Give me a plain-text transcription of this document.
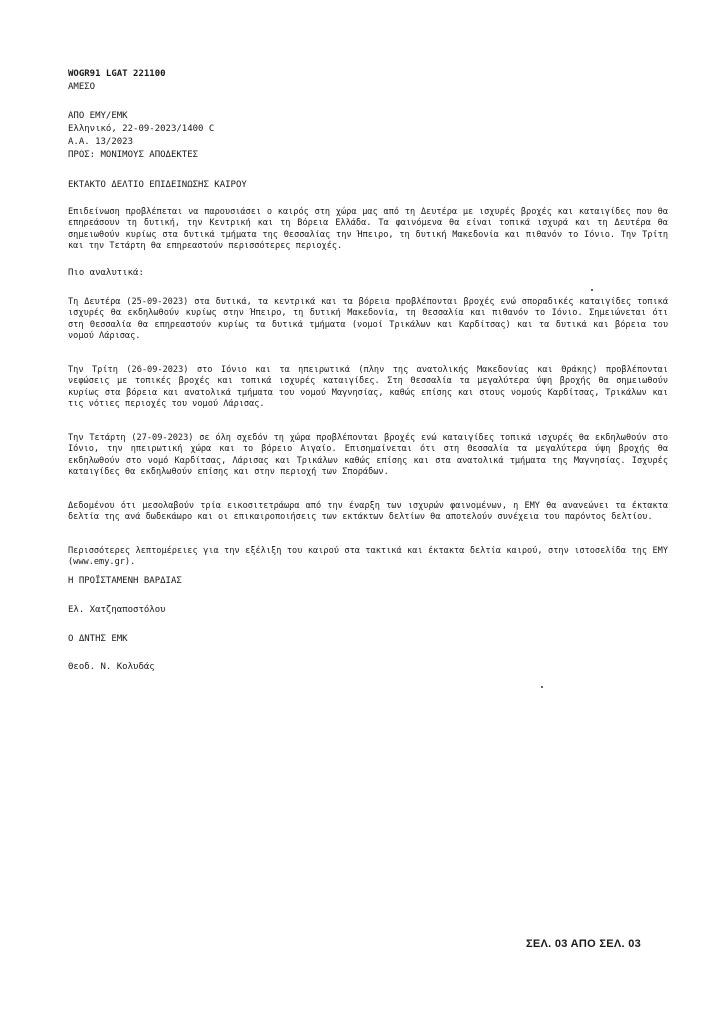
WOGR91 LGAT 221100
ΑΜΕΣΟ
ΑΠΟ ΕΜΥ/ΕΜΚ
Ελληνικό, 22-09-2023/1400 C
Α.Α. 13/2023
ΠΡΟΣ: ΜΟΝΙΜΟΥΣ ΑΠΟΔΕΚΤΕΣ
ΕΚΤΑΚΤΟ ΔΕΛΤΙΟ ΕΠΙΔΕΙΝΩΣΗΣ ΚΑΙΡΟΥ
Επιδείνωση προβλέπεται να παρουσιάσει ο καιρός στη χώρα μας από τη Δευτέρα με ισχυρές βροχές και καταιγίδες που θα επηρεάσουν τη δυτική, την Κεντρική και τη Βόρεια Ελλάδα. Τα φαινόμενα θα είναι τοπικά ισχυρά και τη Δευτέρα θα σημειωθούν κυρίως στα δυτικά τμήματα της Θεσσαλίας την Ήπειρο, τη δυτική Μακεδονία και πιθανόν το Ιόνιο. Την Τρίτη και την Τετάρτη θα επηρεαστούν περισσότερες περιοχές.
Πιο αναλυτικά:
Τη Δευτέρα (25-09-2023) στα δυτικά, τα κεντρικά και τα βόρεια προβλέπονται βροχές ενώ σποραδικές καταιγίδες τοπικά ισχυρές θα εκδηλωθούν κυρίως στην Ήπειρο, τη δυτική Μακεδονία, τη Θεσσαλία και πιθανόν το Ιόνιο. Σημειώνεται ότι στη Θεσσαλία θα επηρεαστούν κυρίως τα δυτικά τμήματα (νομοί Τρικάλων και Καρδίτσας) και τα δυτικά και βόρεια του νομού Λάρισας.
Την Τρίτη (26-09-2023) στο Ιόνιο και τα ηπειρωτικά (πλην της ανατολικής Μακεδονίας και Θράκης) προβλέπονται νεφώσεις με τοπικές βροχές και τοπικά ισχυρές καταιγίδες. Στη Θεσσαλία τα μεγαλύτερα ύψη βροχής θα σημειωθούν κυρίως στα βόρεια και ανατολικά τμήματα του νομού Μαγνησίας, καθώς επίσης και στους νομούς Καρδίτσας, Τρικάλων και τις νότιες περιοχές του νομού Λάρισας.
Την Τετάρτη (27-09-2023) σε όλη σχεδόν τη χώρα προβλέπονται βροχές ενώ καταιγίδες τοπικά ισχυρές θα εκδηλωθούν στο Ιόνιο, την ηπειρωτική χώρα και το βόρειο Αιγαίο. Επισημαίνεται ότι στη Θεσσαλία τα μεγαλύτερα ύψη βροχής θα εκδηλωθούν στο νομό Καρδίτσας, Λάρισας και Τρικάλων καθώς επίσης και στα ανατολικά τμήματα της Μαγνησίας. Ισχυρές καταιγίδες θα εκδηλωθούν επίσης και στην περιοχή των Σποράδων.
Δεδομένου ότι μεσολαβούν τρία εικοσιτετράωρα από την έναρξη των ισχυρών φαινομένων, η ΕΜΥ θα ανανεώνει τα έκτακτα δελτία της ανά δωδεκάωρο και οι επικαιροποιήσεις των εκτάκτων δελτίων θα αποτελούν συνέχεια του παρόντος δελτίου.
Περισσότερες λεπτομέρειες για την εξέλιξη του καιρού στα τακτικά και έκτακτα δελτία καιρού, στην ιστοσελίδα της ΕΜΥ (www.emy.gr).
Η ΠΡΟΪΣΤΑΜΕΝΗ ΒΑΡΔΙΑΣ
Ελ. Χατζηαποστόλου
Ο ΔΝΤΗΣ ΕΜΚ
Θεοδ. Ν. Κολυδάς
ΣΕΛ. 03 ΑΠΟ ΣΕΛ. 03
